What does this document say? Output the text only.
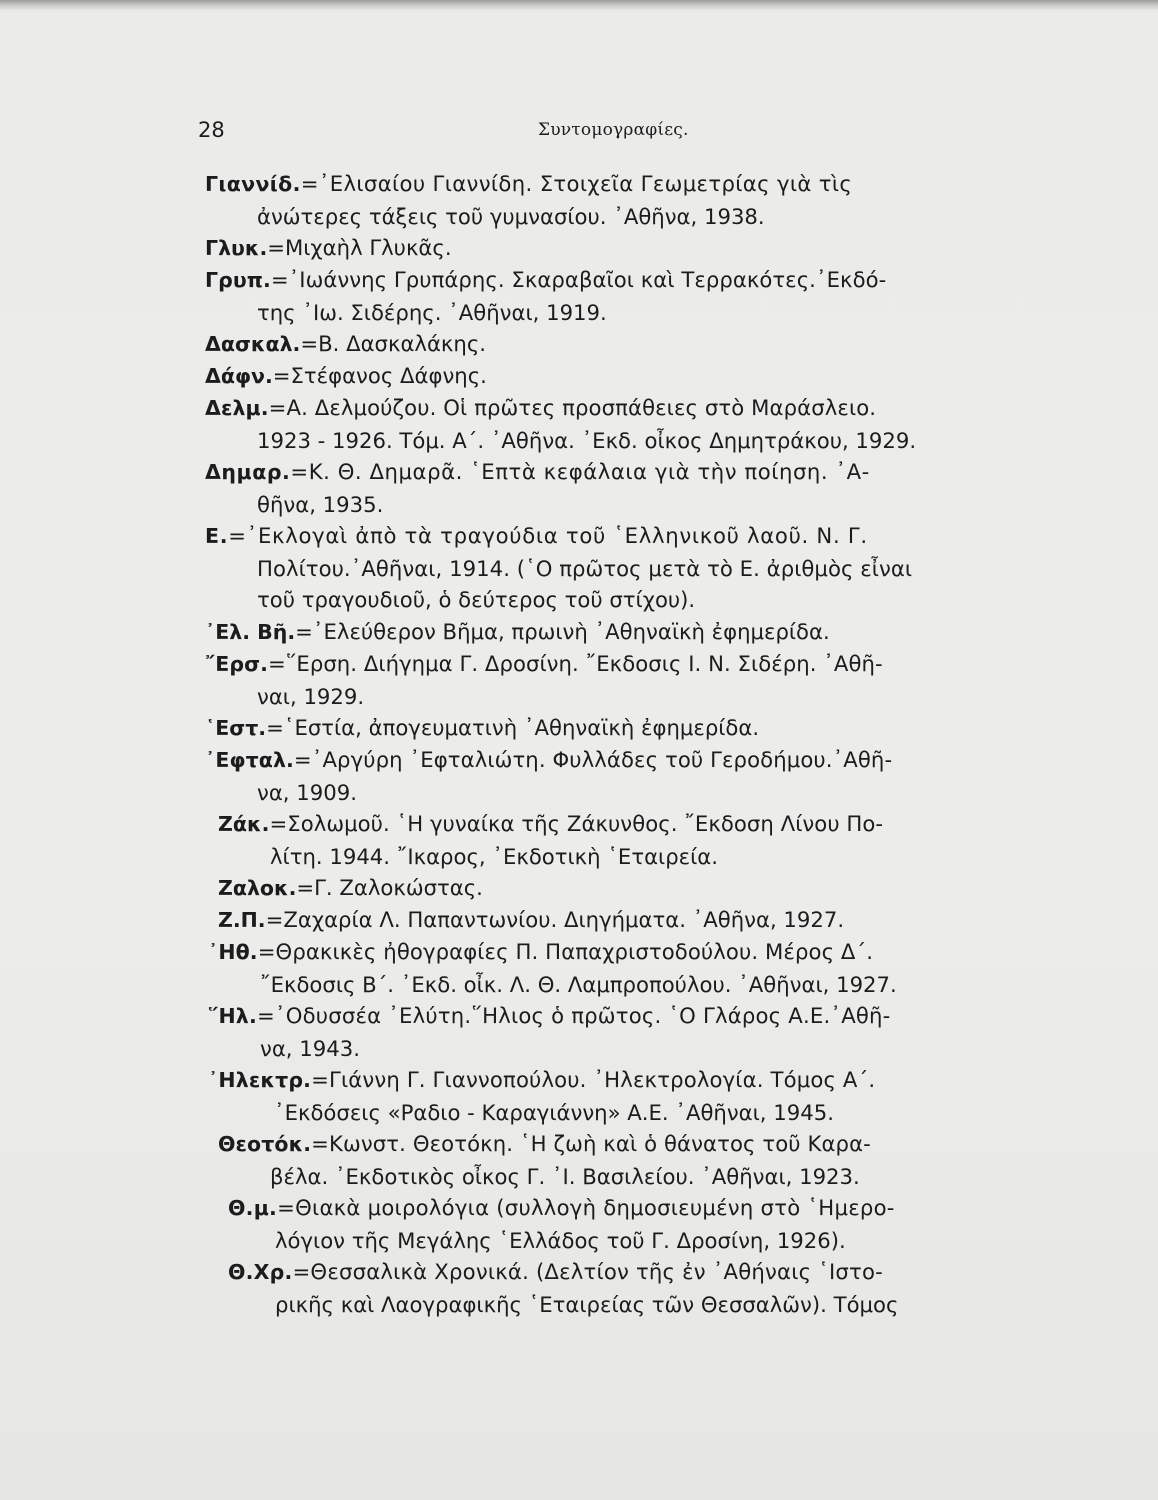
28	Συντομογραφίες.
Γιαννίδ.=᾿Ελισαίου Γιαννίδη. Στοιχεῖα Γεωμετρίας γιὰ τὶς
ἀνώτερες τάξεις τοῦ γυμνασίου. ᾿Αθῆνα, 1938.
Γλυκ.=Μιχαὴλ Γλυκᾶς.
Γρυπ.=᾿Ιωάννης Γρυπάρης. Σκαραβαῖοι καὶ Τερρακότες.᾿Εκδό-
της ᾿Ιω. Σιδέρης. ᾿Αθῆναι, 1919.
Δασκαλ.=Β. Δασκαλάκης.
Δάφν.=Στέφανος Δάφνης.
Δελμ.=Α. Δελμούζου. Οἱ πρῶτες προσπάθειες στὸ Μαράσλειο.
1923 - 1926. Τόμ. Α΄. ᾿Αθῆνα. ᾿Εκδ. οἶκος Δημητράκου, 1929.
Δημαρ.=Κ. Θ. Δημαρᾶ. ῾Επτὰ κεφάλαια γιὰ τὴν ποίηση. ᾿Α-
θῆνα, 1935.
Ε.=᾿Εκλογαὶ ἀπὸ τὰ τραγούδια τοῦ ῾Ελληνικοῦ λαοῦ. Ν. Γ.
Πολίτου.᾿Αθῆναι, 1914. (῾Ο πρῶτος μετὰ τὸ Ε. ἀριθμὸς εἶναι
τοῦ τραγουδιοῦ, ὁ δεύτερος τοῦ στίχου).
᾿Ελ. Βῆ.=᾿Ελεύθερον Βῆμα, πρωινὴ ᾿Αθηναϊκὴ ἐφημερίδα.
῎Ερσ.=῞Ερση. Διήγημα Γ. Δροσίνη. ῎Εκδοσις Ι. Ν. Σιδέρη. ᾿Αθῆ-
ναι, 1929.
῾Εστ.=῾Εστία, ἀπογευματινὴ ᾿Αθηναϊκὴ ἐφημερίδα.
᾿Εφταλ.=᾿Αργύρη ᾿Εφταλιώτη. Φυλλάδες τοῦ Γεροδήμου.᾿Αθῆ-
να, 1909.
Ζάκ.=Σολωμοῦ. ῾Η γυναίκα τῆς Ζάκυνθος. ῎Εκδοση Λίνου Πο-
λίτη. 1944. ῎Ικαρος, ᾿Εκδοτικὴ ῾Εταιρεία.
Ζαλοκ.=Γ. Ζαλοκώστας.
Ζ.Π.=Ζαχαρία Λ. Παπαντωνίου. Διηγήματα. ᾿Αθῆνα, 1927.
᾿Ηθ.=Θρακικὲς ἠθογραφίες Π. Παπαχριστοδούλου. Μέρος Δ΄.
῎Εκδοσις Β΄. ᾿Εκδ. οἶκ. Λ. Θ. Λαμπροπούλου. ᾿Αθῆναι, 1927.
῞Ηλ.=᾿Οδυσσέα ᾿Ελύτη.῞Ηλιος ὁ πρῶτος. ῾Ο Γλάρος Α.Ε.᾿Αθῆ-
να, 1943.
᾿Ηλεκτρ.=Γιάννη Γ. Γιαννοπούλου. ᾿Ηλεκτρολογία. Τόμος Α΄.
᾿Εκδόσεις «Ραδιο - Καραγιάννη» Α.Ε. ᾿Αθῆναι, 1945.
Θεοτόκ.=Κωνστ. Θεοτόκη. ῾Η ζωὴ καὶ ὁ θάνατος τοῦ Καρα-
βέλα. ᾿Εκδοτικὸς οἶκος Γ. ᾿Ι. Βασιλείου. ᾿Αθῆναι, 1923.
Θ.μ.=Θιακὰ μοιρολόγια (συλλογὴ δημοσιευμένη στὸ ῾Ημερο-
λόγιον τῆς Μεγάλης ῾Ελλάδος τοῦ Γ. Δροσίνη, 1926).
Θ.Χρ.=Θεσσαλικὰ Χρονικά. (Δελτίον τῆς ἐν ᾿Αθήναις ῾Ιστο-
ρικῆς καὶ Λαογραφικῆς ῾Εταιρείας τῶν Θεσσαλῶν). Τόμος
